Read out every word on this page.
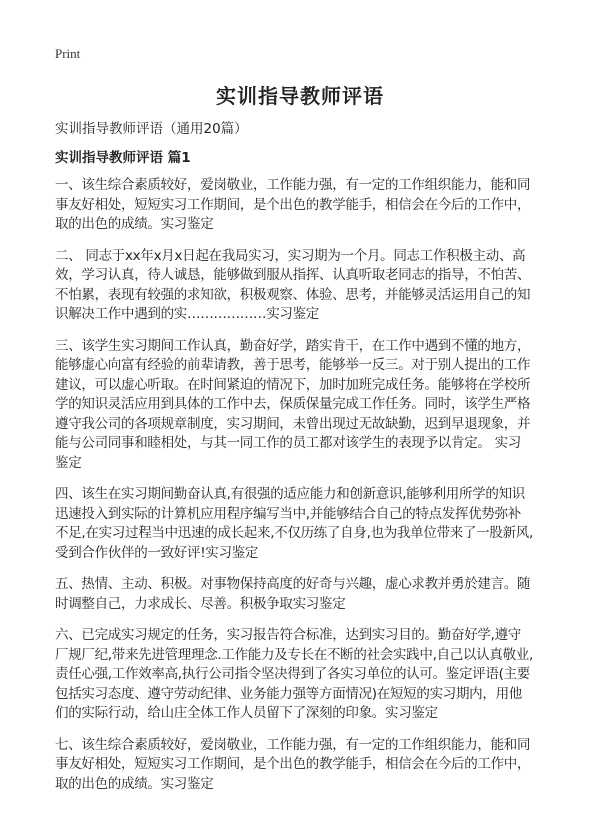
Print
实训指导教师评语
实训指导教师评语（通用20篇）
实训指导教师评语 篇1

一、该生综合素质较好，爱岗敬业，工作能力强，有一定的工作组织能力，能和同
事友好相处，短短实习工作期间，是个出色的教学能手，相信会在今后的工作中，
取的出色的成绩。实习鉴定

二、 同志于xx年x月x日起在我局实习，实习期为一个月。同志工作积极主动、高
效，学习认真，待人诚恳，能够做到服从指挥、认真听取老同志的指导，不怕苦、
不怕累，表现有较强的求知欲，积极观察、体验、思考，并能够灵活运用自己的知
识解决工作中遇到的实………………实习鉴定

三、该学生实习期间工作认真，勤奋好学，踏实肯干，在工作中遇到不懂的地方，
能够虚心向富有经验的前辈请教，善于思考，能够举一反三。对于别人提出的工作
建议，可以虚心听取。在时间紧迫的情况下，加时加班完成任务。能够将在学校所
学的知识灵活应用到具体的工作中去，保质保量完成工作任务。同时，该学生严格
遵守我公司的各项规章制度，实习期间，未曾出现过无故缺勤，迟到早退现象，并
能与公司同事和睦相处，与其一同工作的员工都对该学生的表现予以肯定。 实习
鉴定

四、该生在实习期间勤奋认真,有很强的适应能力和创新意识,能够利用所学的知识
迅速投入到实际的计算机应用程序编写当中,并能够结合自己的特点发挥优势弥补
不足,在实习过程当中迅速的成长起来,不仅历练了自身,也为我单位带来了一股新风,
受到合作伙伴的一致好评!实习鉴定

五、热情、主动、积极。对事物保持高度的好奇与兴趣，虚心求教并勇於建言。随
时调整自己，力求成长、尽善。积极争取实习鉴定

六、已完成实习规定的任务，实习报告符合标准，达到实习目的。勤奋好学,遵守
厂规厂纪,带来先进管理理念.工作能力及专长在不断的社会实践中,自己以认真敬业,
责任心强,工作效率高,执行公司指令坚决得到了各实习单位的认可。鉴定评语(主要
包括实习态度、遵守劳动纪律、业务能力强等方面情况)在短短的实习期内，用他
们的实际行动，给山庄全体工作人员留下了深刻的印象。实习鉴定

七、该生综合素质较好，爱岗敬业，工作能力强，有一定的工作组织能力，能和同
事友好相处，短短实习工作期间，是个出色的教学能手，相信会在今后的工作中，
取的出色的成绩。实习鉴定
